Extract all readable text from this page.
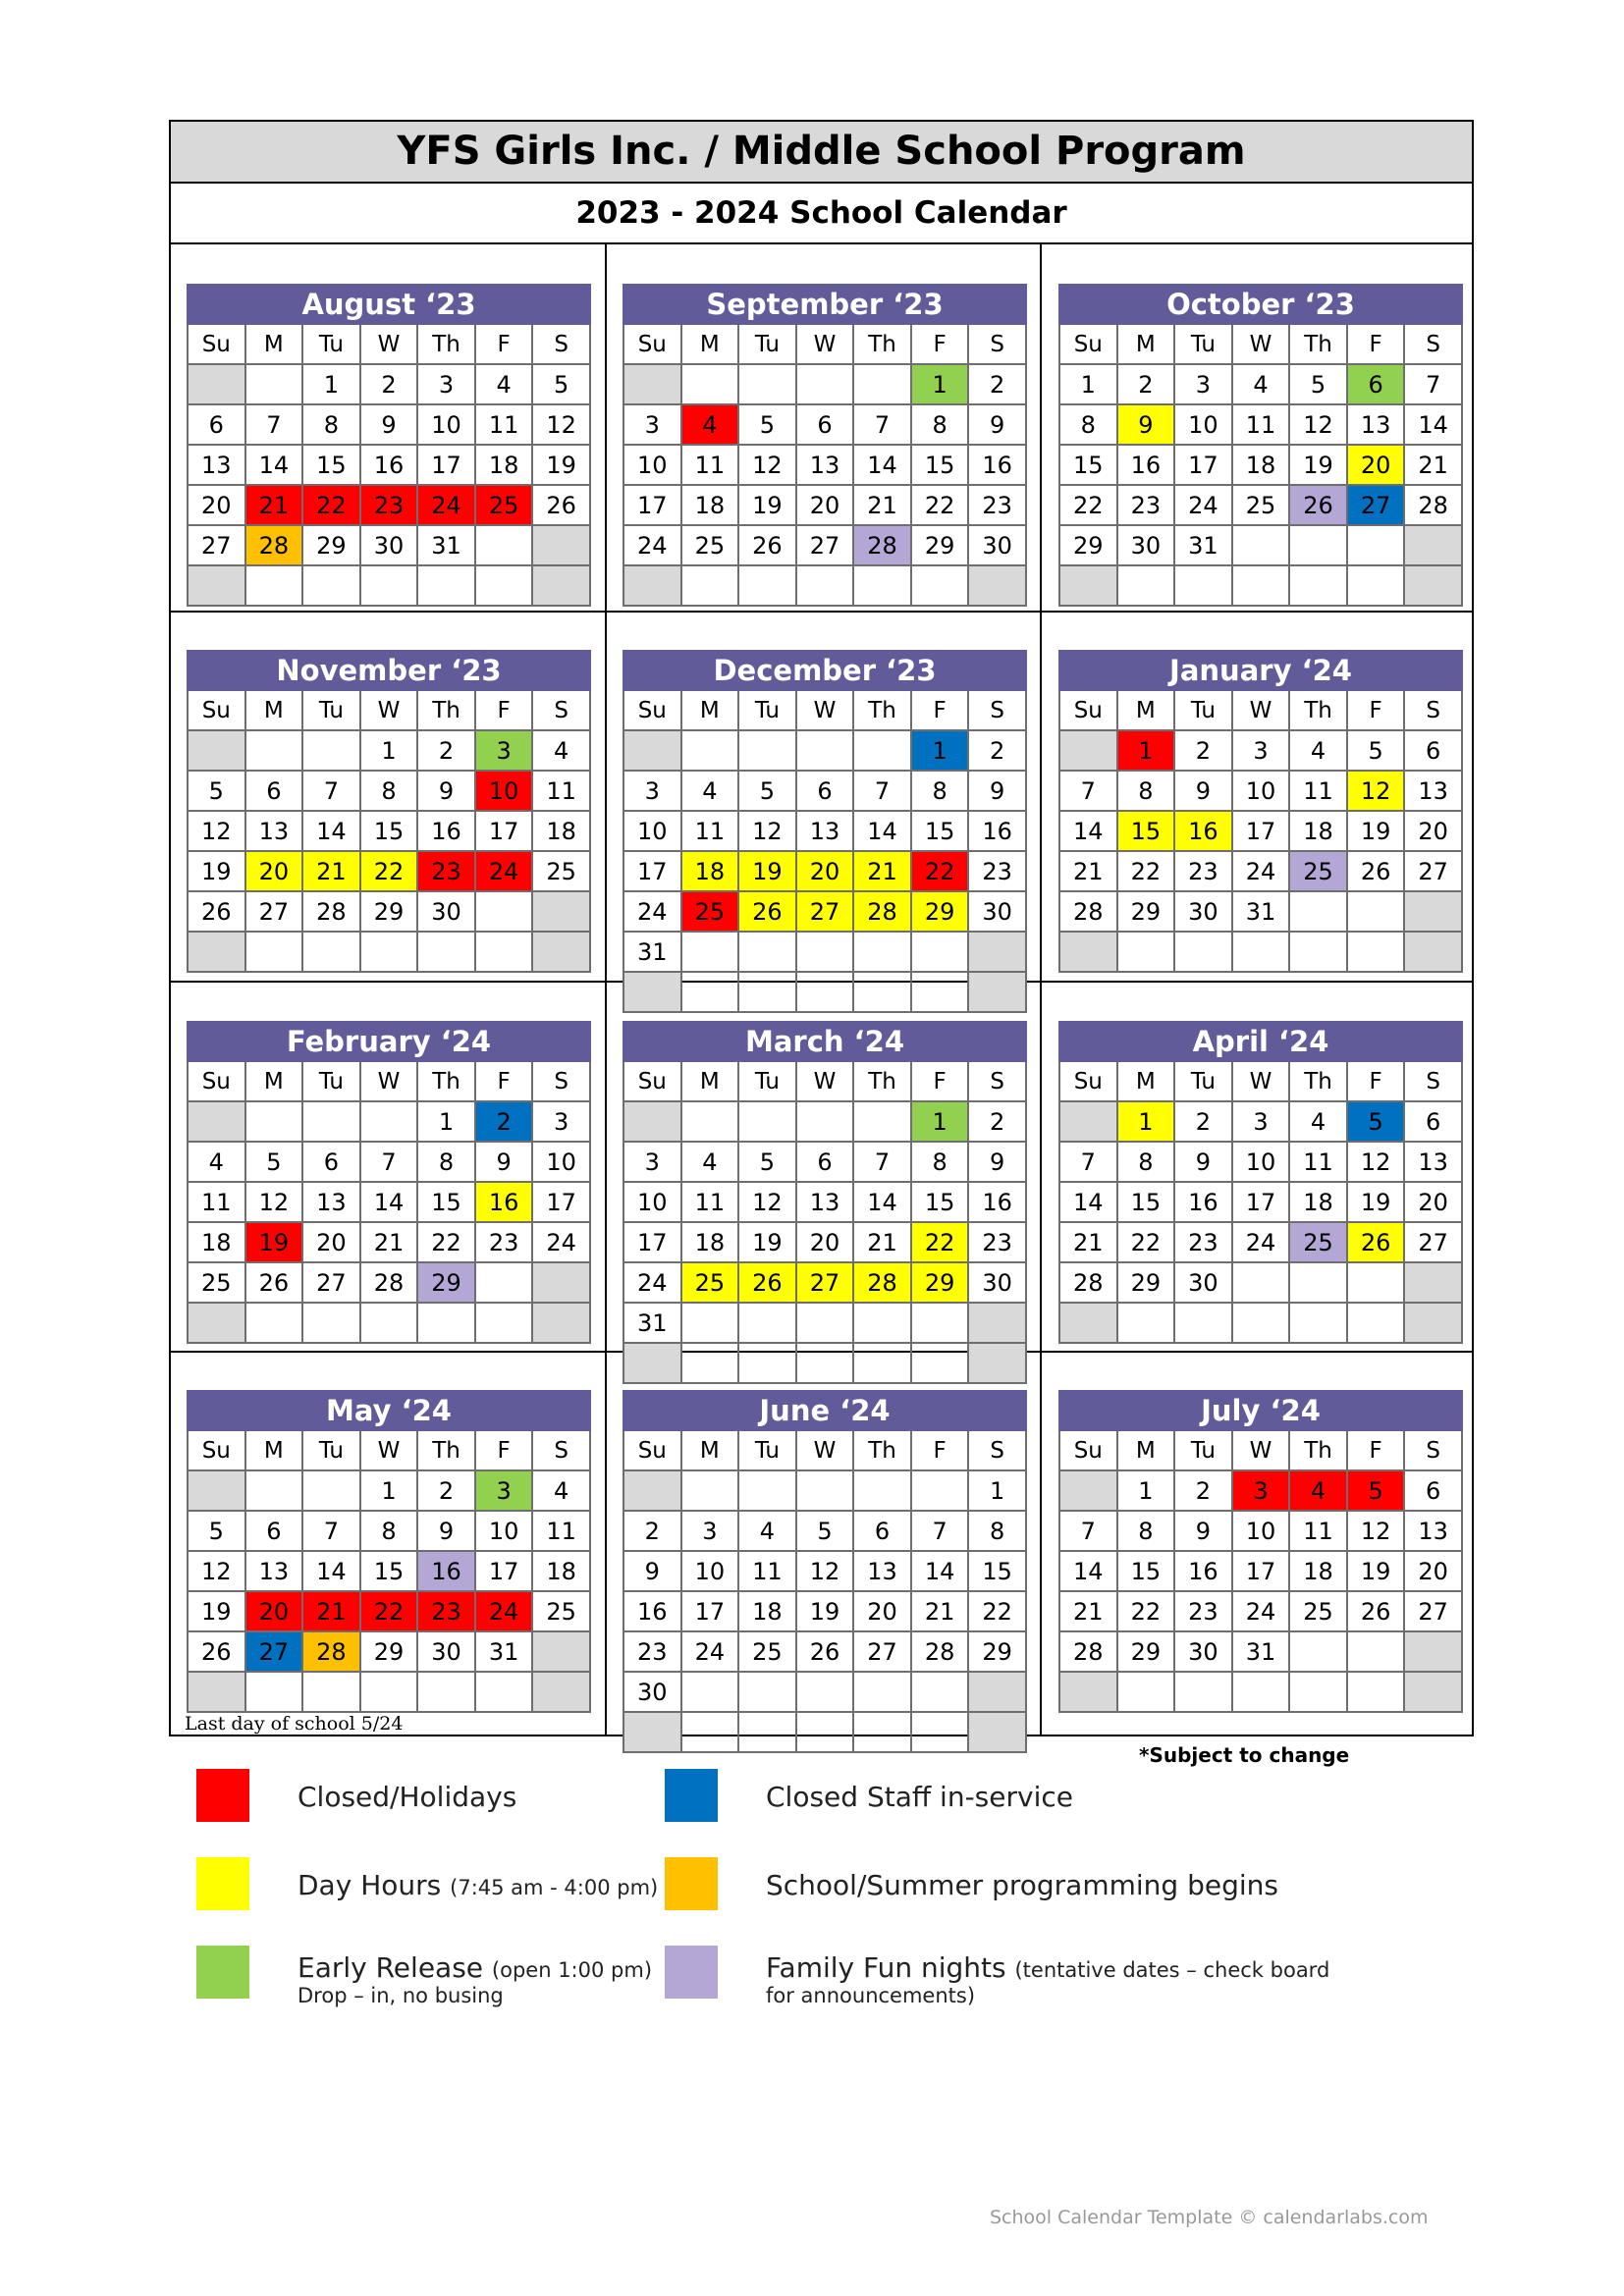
YFS Girls Inc. / Middle School Program
2023 - 2024 School Calendar
August ‘23						
Su	M	Tu	W	Th	F	S
		1	2	3	4	5
6	7	8	9	10	11	12
13	14	15	16	17	18	19
20	21	22	23	24	25	26
27	28	29	30	31		

September ‘23						
Su	M	Tu	W	Th	F	S
					1	2
3	4	5	6	7	8	9
10	11	12	13	14	15	16
17	18	19	20	21	22	23
24	25	26	27	28	29	30

October ‘23						
Su	M	Tu	W	Th	F	S
1	2	3	4	5	6	7
8	9	10	11	12	13	14
15	16	17	18	19	20	21
22	23	24	25	26	27	28
29	30	31				

November ‘23						
Su	M	Tu	W	Th	F	S
			1	2	3	4
5	6	7	8	9	10	11
12	13	14	15	16	17	18
19	20	21	22	23	24	25
26	27	28	29	30		

December ‘23						
Su	M	Tu	W	Th	F	S
					1	2
3	4	5	6	7	8	9
10	11	12	13	14	15	16
17	18	19	20	21	22	23
24	25	26	27	28	29	30
31						

January ‘24						
Su	M	Tu	W	Th	F	S
	1	2	3	4	5	6
7	8	9	10	11	12	13
14	15	16	17	18	19	20
21	22	23	24	25	26	27
28	29	30	31			

February ‘24						
Su	M	Tu	W	Th	F	S
				1	2	3
4	5	6	7	8	9	10
11	12	13	14	15	16	17
18	19	20	21	22	23	24
25	26	27	28	29		

March ‘24						
Su	M	Tu	W	Th	F	S
					1	2
3	4	5	6	7	8	9
10	11	12	13	14	15	16
17	18	19	20	21	22	23
24	25	26	27	28	29	30
31						

April ‘24						
Su	M	Tu	W	Th	F	S
	1	2	3	4	5	6
7	8	9	10	11	12	13
14	15	16	17	18	19	20
21	22	23	24	25	26	27
28	29	30				

May ‘24						
Su	M	Tu	W	Th	F	S
			1	2	3	4
5	6	7	8	9	10	11
12	13	14	15	16	17	18
19	20	21	22	23	24	25
26	27	28	29	30	31	

June ‘24						
Su	M	Tu	W	Th	F	S
						1
2	3	4	5	6	7	8
9	10	11	12	13	14	15
16	17	18	19	20	21	22
23	24	25	26	27	28	29
30						

July ‘24						
Su	M	Tu	W	Th	F	S
	1	2	3	4	5	6
7	8	9	10	11	12	13
14	15	16	17	18	19	20
21	22	23	24	25	26	27
28	29	30	31			

Last day of school 5/24
*Subject to change
Closed/Holidays	Closed Staff in-service
Day Hours (7:45 am - 4:00 pm)	School/Summer programming begins
Early Release (open 1:00 pm)
Drop – in, no busing
Family Fun nights (tentative dates – check board
for announcements)
School Calendar Template © calendarlabs.com
